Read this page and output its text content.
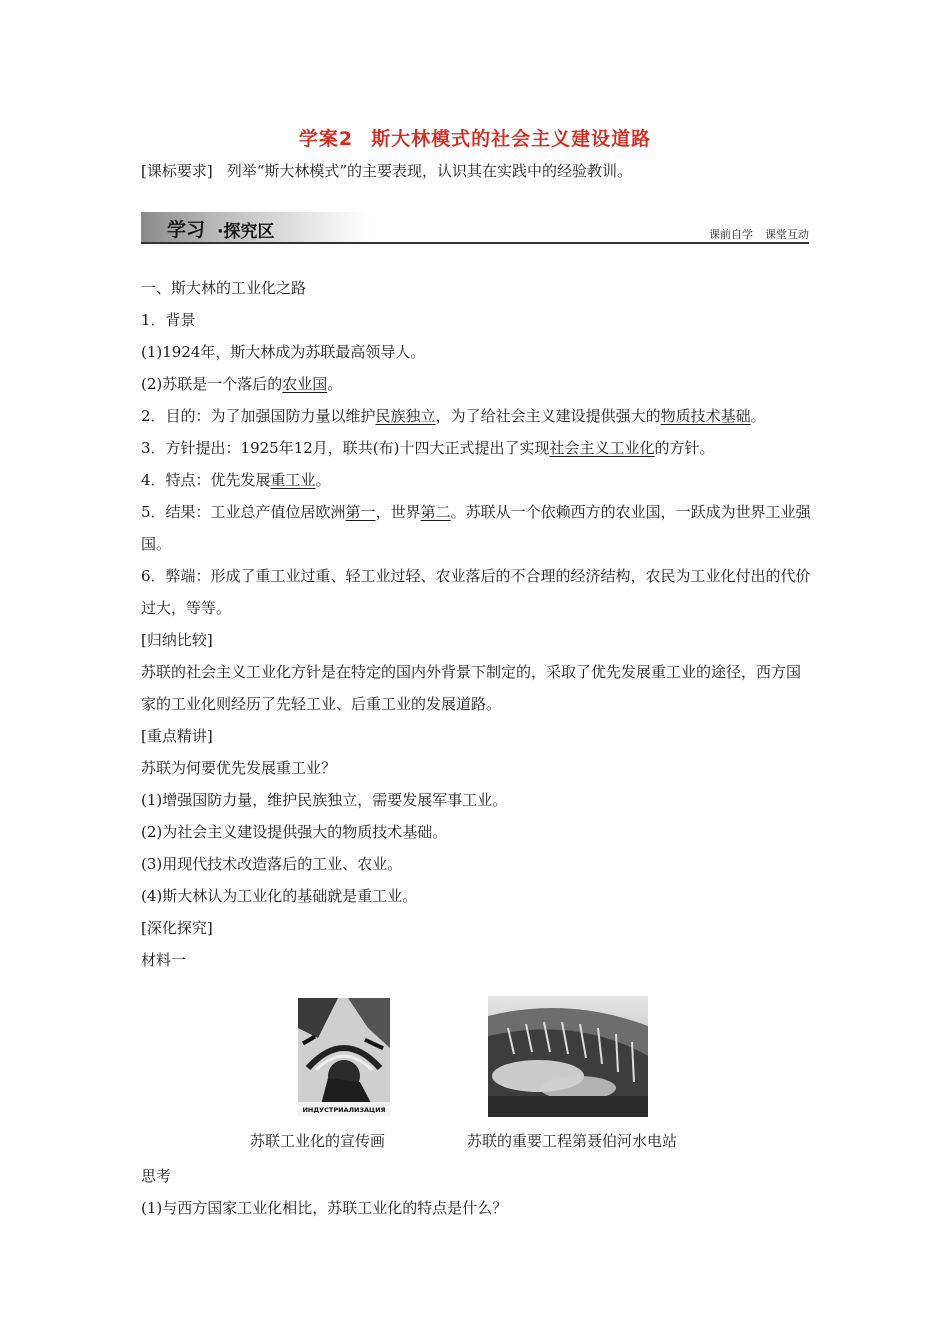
学案2 斯大林模式的社会主义建设道路
[课标要求] 列举“斯大林模式”的主要表现，认识其在实践中的经验教训。
学习 ·探究区	课前自学 课堂互动

一、斯大林的工业化之路

1．背景

(1)1924年，斯大林成为苏联最高领导人。

(2)苏联是一个落后的农业国。

2．目的：为了加强国防力量以维护民族独立，为了给社会主义建设提供强大的物质技术基础。

3．方针提出：1925年12月，联共(布)十四大正式提出了实现社会主义工业化的方针。

4．特点：优先发展重工业。

5．结果：工业总产值位居欧洲第一，世界第二。苏联从一个依赖西方的农业国，一跃成为世界工业强国。

6．弊端：形成了重工业过重、轻工业过轻、农业落后的不合理的经济结构，农民为工业化付出的代价过大，等等。

[归纳比较]

苏联的社会主义工业化方针是在特定的国内外背景下制定的，采取了优先发展重工业的途径，西方国家的工业化则经历了先轻工业、后重工业的发展道路。

[重点精讲]

苏联为何要优先发展重工业？

(1)增强国防力量，维护民族独立，需要发展军事工业。

(2)为社会主义建设提供强大的物质技术基础。

(3)用现代技术改造落后的工业、农业。

(4)斯大林认为工业化的基础就是重工业。

[深化探究]

材料一

ИНДУСТРИАЛИЗАЦИЯ
苏联工业化的宣传画	苏联的重要工程第聂伯河水电站
思考
(1)与西方国家工业化相比，苏联工业化的特点是什么？
